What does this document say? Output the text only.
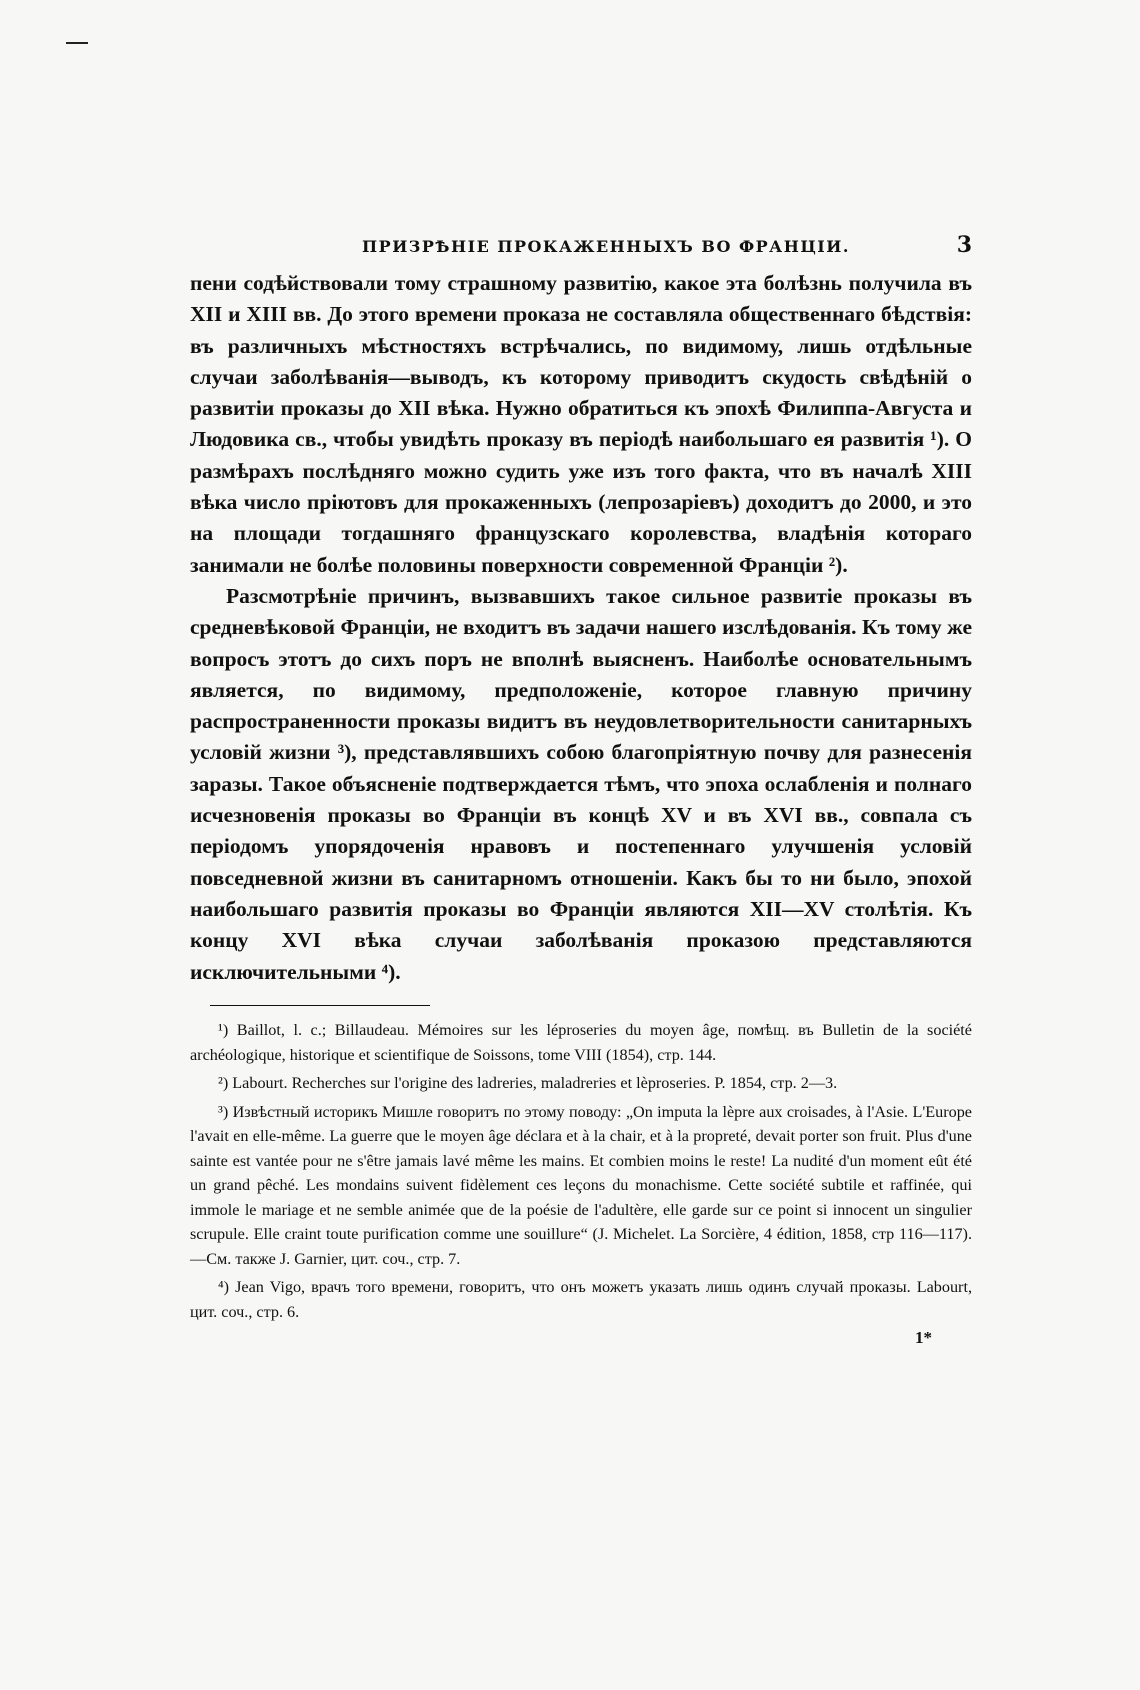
ПРИЗРѢНІЕ ПРОКАЖЕННЫХЪ ВО ФРАНЦІИ.	3

пени содѣйствовали тому страшному развитію, какое эта болѣзнь получила въ XII и XIII вв. До этого времени проказа не составляла общественнаго бѣдствія: въ различныхъ мѣстностяхъ встрѣчались, по видимому, лишь отдѣльные случаи заболѣванія—выводъ, къ которому приводитъ скудость свѣдѣній о развитіи проказы до XII вѣка. Нужно обратиться къ эпохѣ Филиппа-Августа и Людовика св., чтобы увидѣть проказу въ періодѣ наибольшаго ея развитія ¹). О размѣрахъ послѣдняго можно судить уже изъ того факта, что въ началѣ XIII вѣка число пріютовъ для прокаженныхъ (лепрозаріевъ) доходитъ до 2000, и это на площади тогдашняго французскаго королевства, владѣнія котораго занимали не болѣе половины поверхности современной Франціи ²).

Разсмотрѣніе причинъ, вызвавшихъ такое сильное развитіе проказы въ средневѣковой Франціи, не входитъ въ задачи нашего изслѣдованія. Къ тому же вопросъ этотъ до сихъ поръ не вполнѣ выясненъ. Наиболѣе основательнымъ является, по видимому, предположеніе, которое главную причину распространенности проказы видитъ въ неудовлетворительности санитарныхъ условій жизни ³), представлявшихъ собою благопріятную почву для разнесенія заразы. Такое объясненіе подтверждается тѣмъ, что эпоха ослабленія и полнаго исчезновенія проказы во Франціи въ концѣ XV и въ XVI вв., совпала съ періодомъ упорядоченія нравовъ и постепеннаго улучшенія условій повседневной жизни въ санитарномъ отношеніи. Какъ бы то ни было, эпохой наибольшаго развитія проказы во Франціи являются XII—XV столѣтія. Къ концу XVI вѣка случаи заболѣванія проказою представляются исключительными ⁴).

¹) Baillot, l. c.; Billaudeau. Mémoires sur les léproseries du moyen âge, помѣщ. въ Bulletin de la société archéologique, historique et scientifique de Soissons, tome VIII (1854), стр. 144.

²) Labourt. Recherches sur l'origine des ladreries, maladreries et lèproseries. P. 1854, стр. 2—3.

³) Извѣстный историкъ Мишле говоритъ по этому поводу: „On imputa la lèpre aux croisades, à l'Asie. L'Europe l'avait en elle-même. La guerre que le moyen âge déclara et à la chair, et à la propreté, devait porter son fruit. Plus d'une sainte est vantée pour ne s'être jamais lavé même les mains. Et combien moins le reste! La nudité d'un moment eût été un grand pêché. Les mondains suivent fidèlement ces leçons du monachisme. Cette société subtile et raffinée, qui immole le mariage et ne semble animée que de la poésie de l'adultère, elle garde sur ce point si innocent un singulier scrupule. Elle craint toute purification comme une souillure“ (J. Michelet. La Sorcière, 4 édition, 1858, стр 116—117).—См. также J. Garnier, цит. соч., стр. 7.

⁴) Jean Vigo, врачъ того времени, говоритъ, что онъ можетъ указать лишь одинъ случай проказы. Labourt, цит. соч., стр. 6.

1*
